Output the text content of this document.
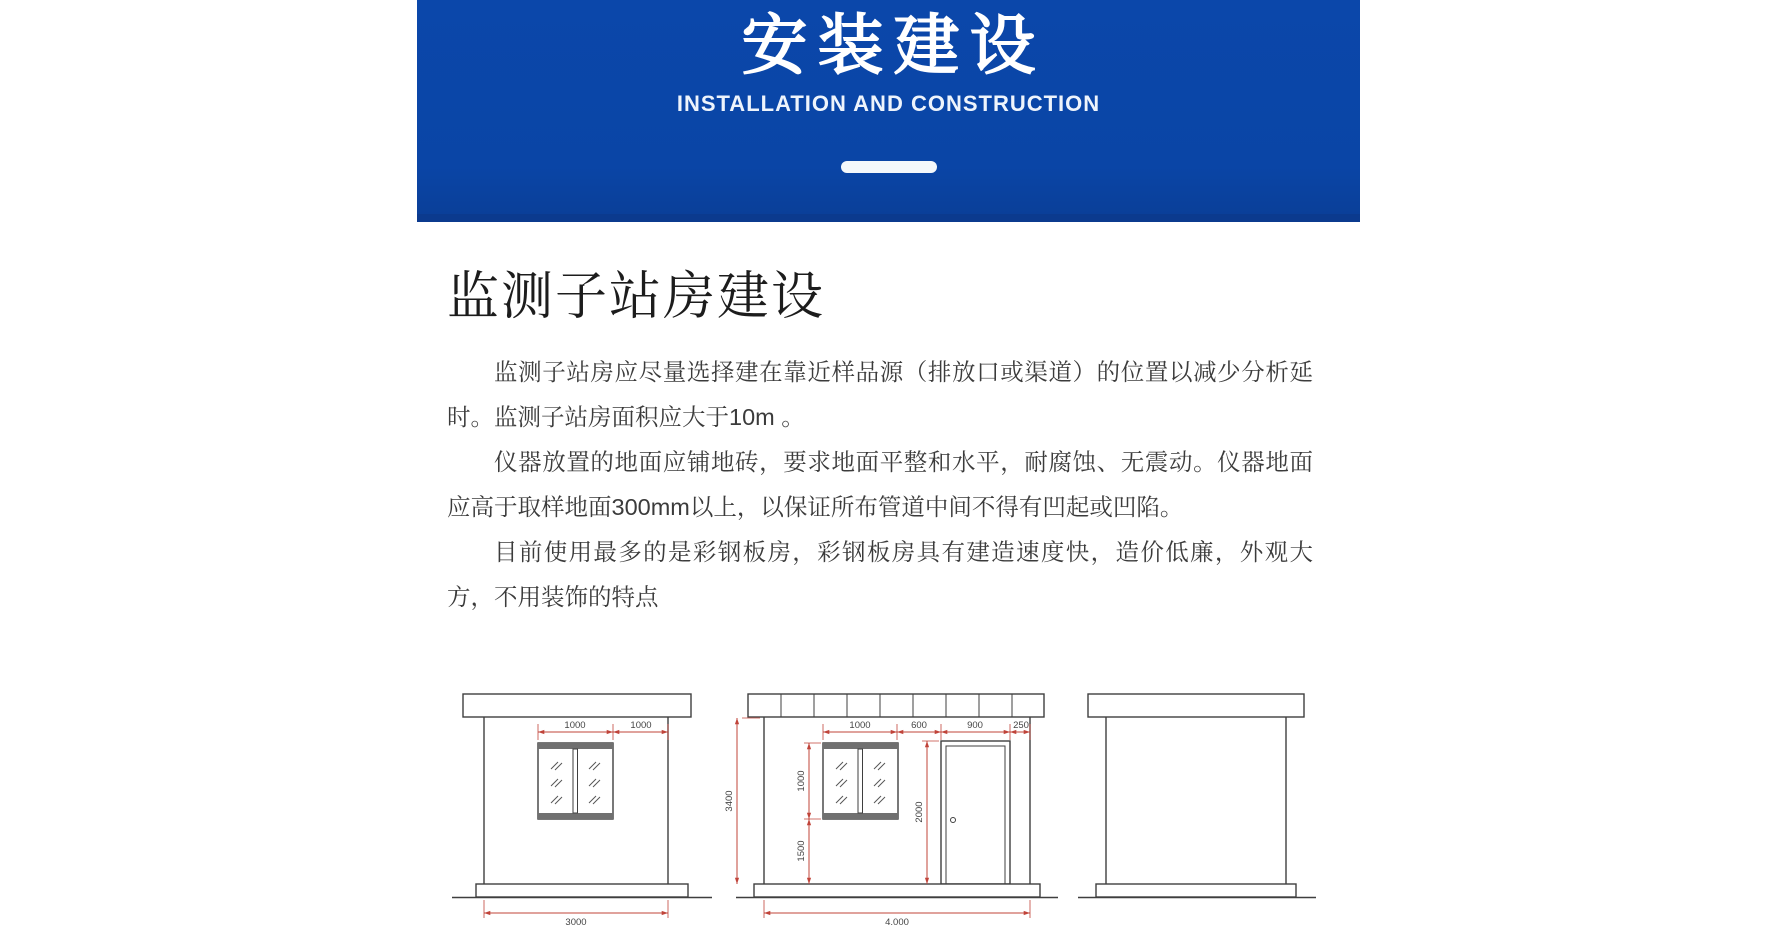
安装建设
INSTALLATION AND CONSTRUCTION
监测子站房建设

监测子站房应尽量选择建在靠近样品源（排放口或渠道）的位置以减少分析延时。监测子站房面积应大于10m 。

仪器放置的地面应铺地砖，要求地面平整和水平，耐腐蚀、无震动。仪器地面应高于取样地面300mm以上，以保证所布管道中间不得有凹起或凹陷。

目前使用最多的是彩钢板房，彩钢板房具有建造速度快，造价低廉，外观大方，不用装饰的特点

1000	1000
3000
1000	600	900	250
3400
1000
1500
2000
4.000
